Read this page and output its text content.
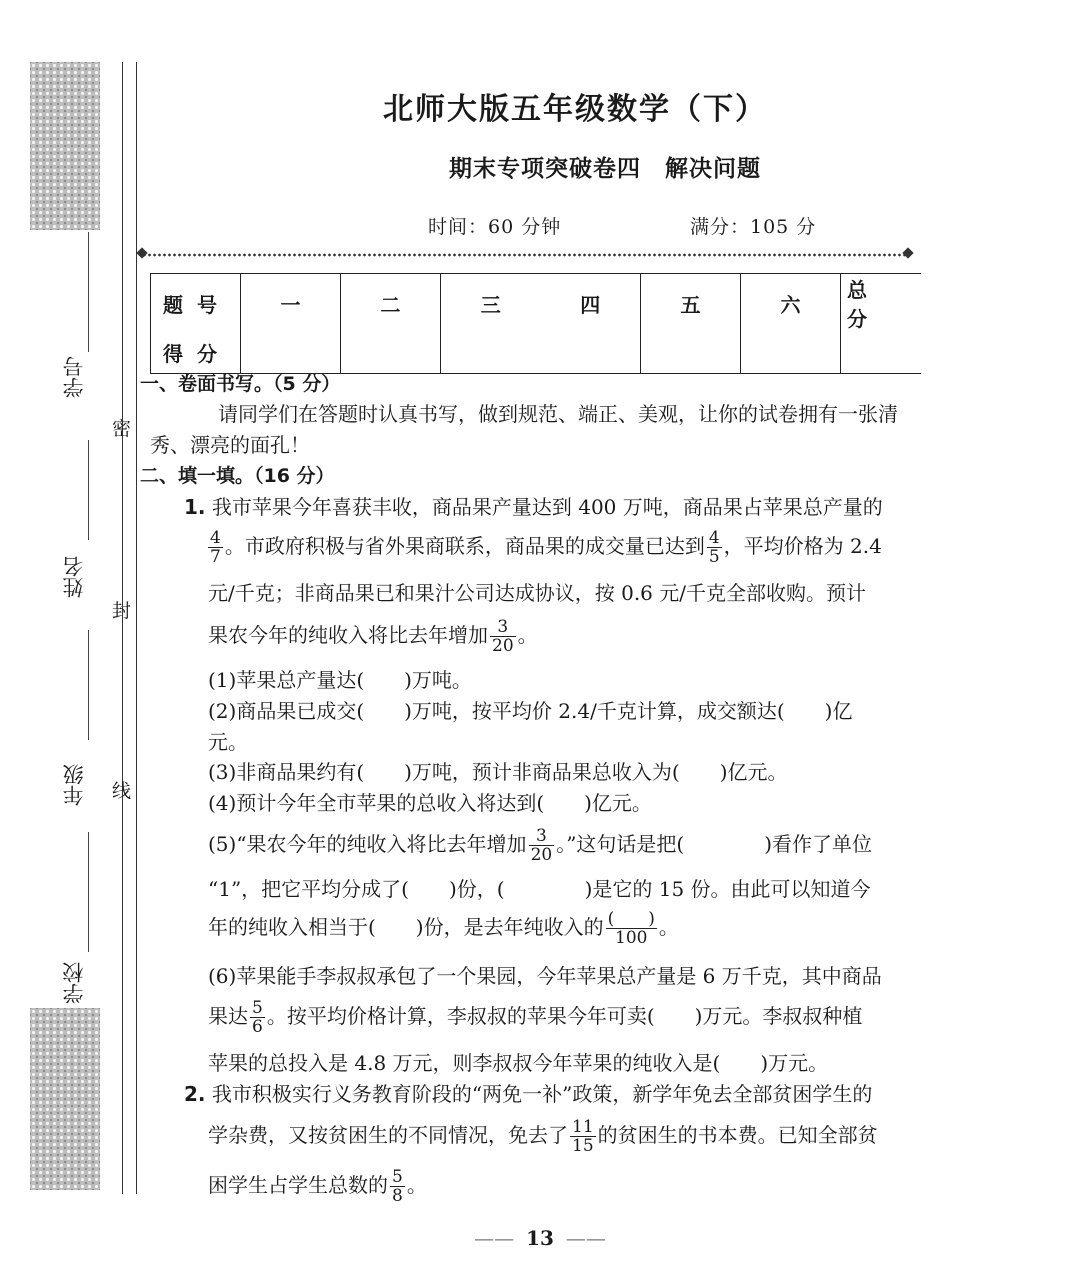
学号
姓名
年级
学校
密
封
线
北师大版五年级数学（下）
期末专项突破卷四　解决问题
时间：60 分钟	满分：105 分
题号	一	二	三	四	五	六	总分
得分							
一、卷面书写。（5 分）
请同学们在答题时认真书写，做到规范、端正、美观，让你的试卷拥有一张清
秀、漂亮的面孔！
二、填一填。（16 分）
1. 我市苹果今年喜获丰收，商品果产量达到 400 万吨，商品果占苹果总产量的
$\frac{4}{7}$ 。市政府积极与省外果商联系，商品果的成交量已达到 $\frac{4}{5}$ ，平均价格为 2.4
元/千克；非商品果已和果汁公司达成协议，按 0.6 元/千克全部收购。预计
果农今年的纯收入将比去年增加 $\frac{3}{20}$ 。
(1)苹果总产量达(　　)万吨。
(2)商品果已成交(　　)万吨，按平均价 2.4/千克计算，成交额达(　　)亿
元。
(3)非商品果约有(　　)万吨，预计非商品果总收入为(　　)亿元。
(4)预计今年全市苹果的总收入将达到(　　)亿元。
(5)“果农今年的纯收入将比去年增加 $\frac{3}{20}$ 。”这句话是把(　　　　)看作了单位
“1”，把它平均分成了(　　)份，(　　　　)是它的 15 份。由此可以知道今
年的纯收入相当于(　　)份，是去年纯收入的 $\frac{( )}{100}$ 。
(6)苹果能手李叔叔承包了一个果园，今年苹果总产量是 6 万千克，其中商品
果达 $\frac{5}{6}$ 。按平均价格计算，李叔叔的苹果今年可卖(　　)万元。李叔叔种植
苹果的总投入是 4.8 万元，则李叔叔今年苹果的纯收入是(　　)万元。
2. 我市积极实行义务教育阶段的“两免一补”政策，新学年免去全部贫困学生的
学杂费，又按贫困生的不同情况，免去了 $\frac{11}{15}$ 的贫困生的书本费。已知全部贫
困学生占学生总数的 $\frac{5}{8}$ 。
—— 13 ——
